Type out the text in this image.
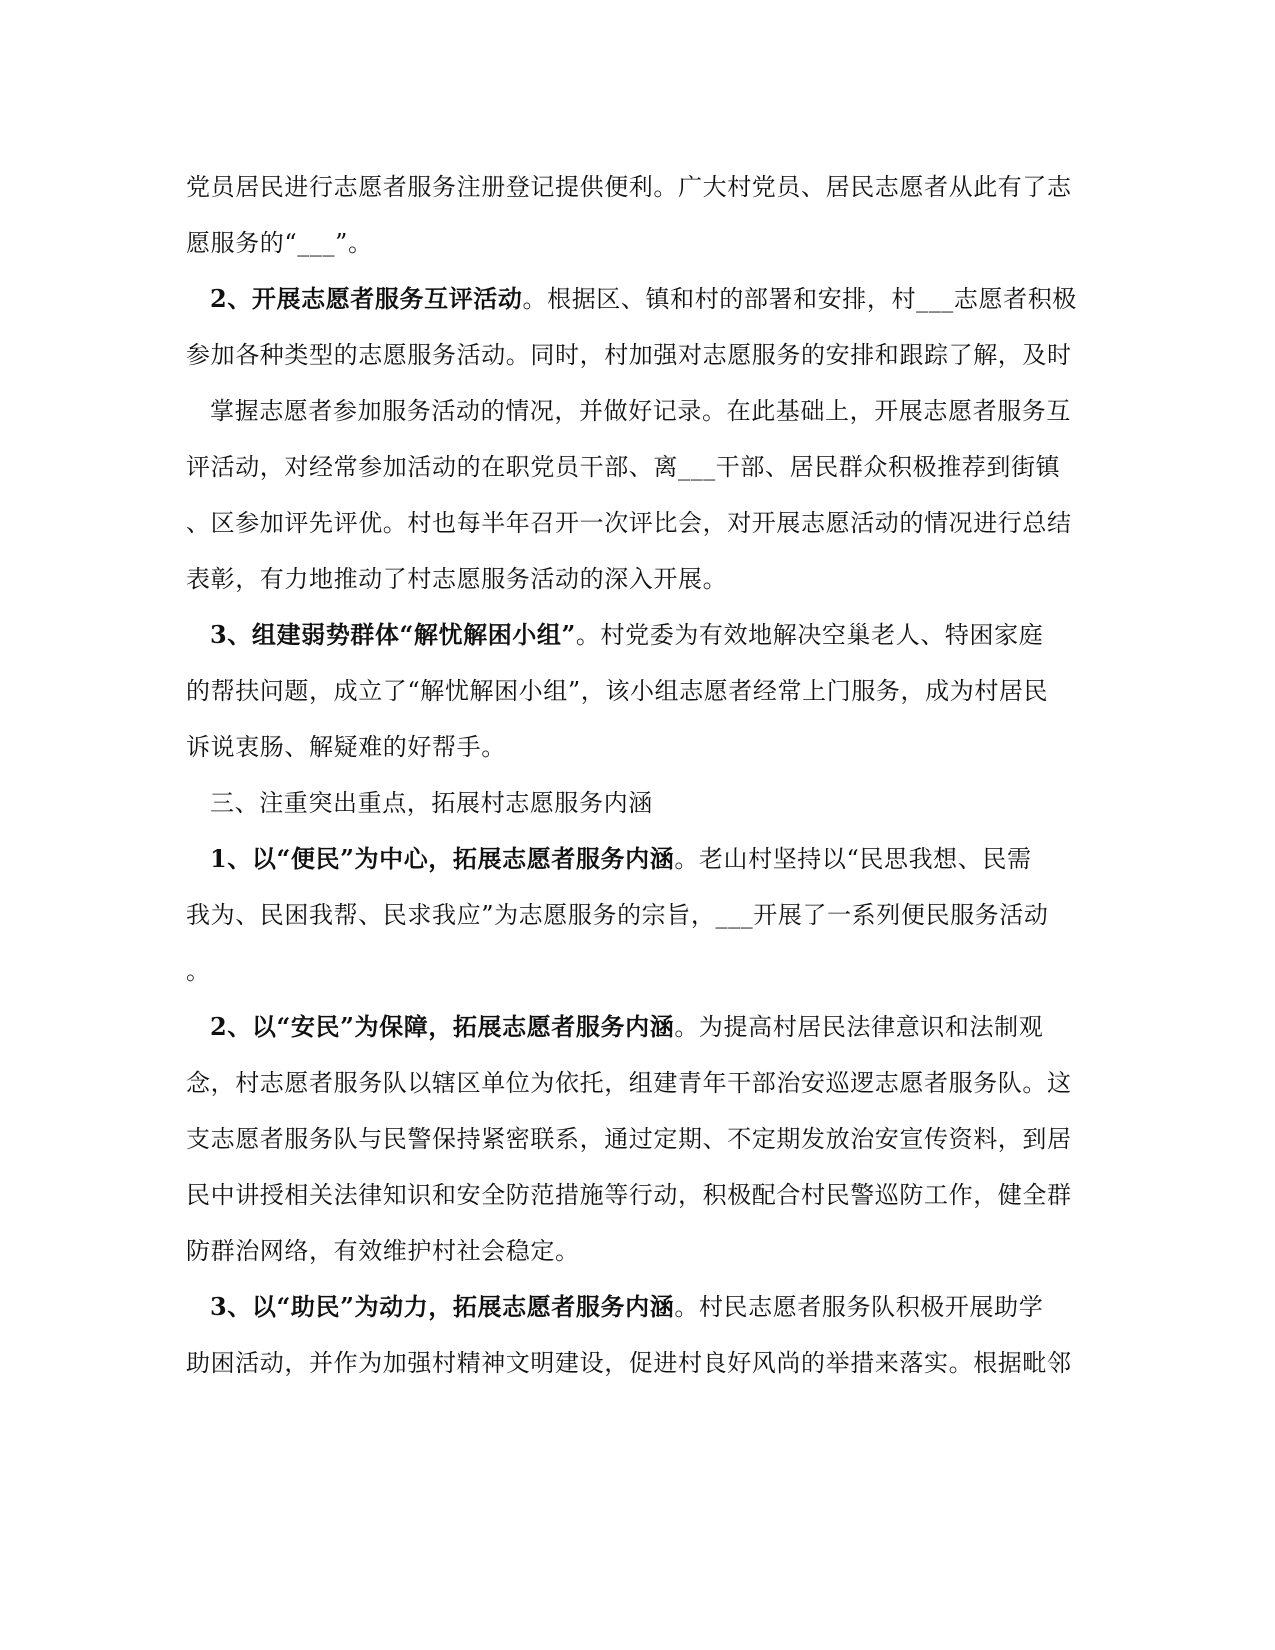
党员居民进行志愿者服务注册登记提供便利。广大村党员、居民志愿者从此有了志
愿服务的“___”。
2、开展志愿者服务互评活动。根据区、镇和村的部署和安排，村___志愿者积极
参加各种类型的志愿服务活动。同时，村加强对志愿服务的安排和跟踪了解，及时
掌握志愿者参加服务活动的情况，并做好记录。在此基础上，开展志愿者服务互
评活动，对经常参加活动的在职党员干部、离___干部、居民群众积极推荐到街镇
、区参加评先评优。村也每半年召开一次评比会，对开展志愿活动的情况进行总结
表彰，有力地推动了村志愿服务活动的深入开展。
3、组建弱势群体“解忧解困小组”。村党委为有效地解决空巢老人、特困家庭
的帮扶问题，成立了“解忧解困小组”，该小组志愿者经常上门服务，成为村居民
诉说衷肠、解疑难的好帮手。
三、注重突出重点，拓展村志愿服务内涵
1、以“便民”为中心，拓展志愿者服务内涵。老山村坚持以“民思我想、民需
我为、民困我帮、民求我应”为志愿服务的宗旨，___开展了一系列便民服务活动
。
2、以“安民”为保障，拓展志愿者服务内涵。为提高村居民法律意识和法制观
念，村志愿者服务队以辖区单位为依托，组建青年干部治安巡逻志愿者服务队。这
支志愿者服务队与民警保持紧密联系，通过定期、不定期发放治安宣传资料，到居
民中讲授相关法律知识和安全防范措施等行动，积极配合村民警巡防工作，健全群
防群治网络，有效维护村社会稳定。
3、以“助民”为动力，拓展志愿者服务内涵。村民志愿者服务队积极开展助学
助困活动，并作为加强村精神文明建设，促进村良好风尚的举措来落实。根据毗邻
